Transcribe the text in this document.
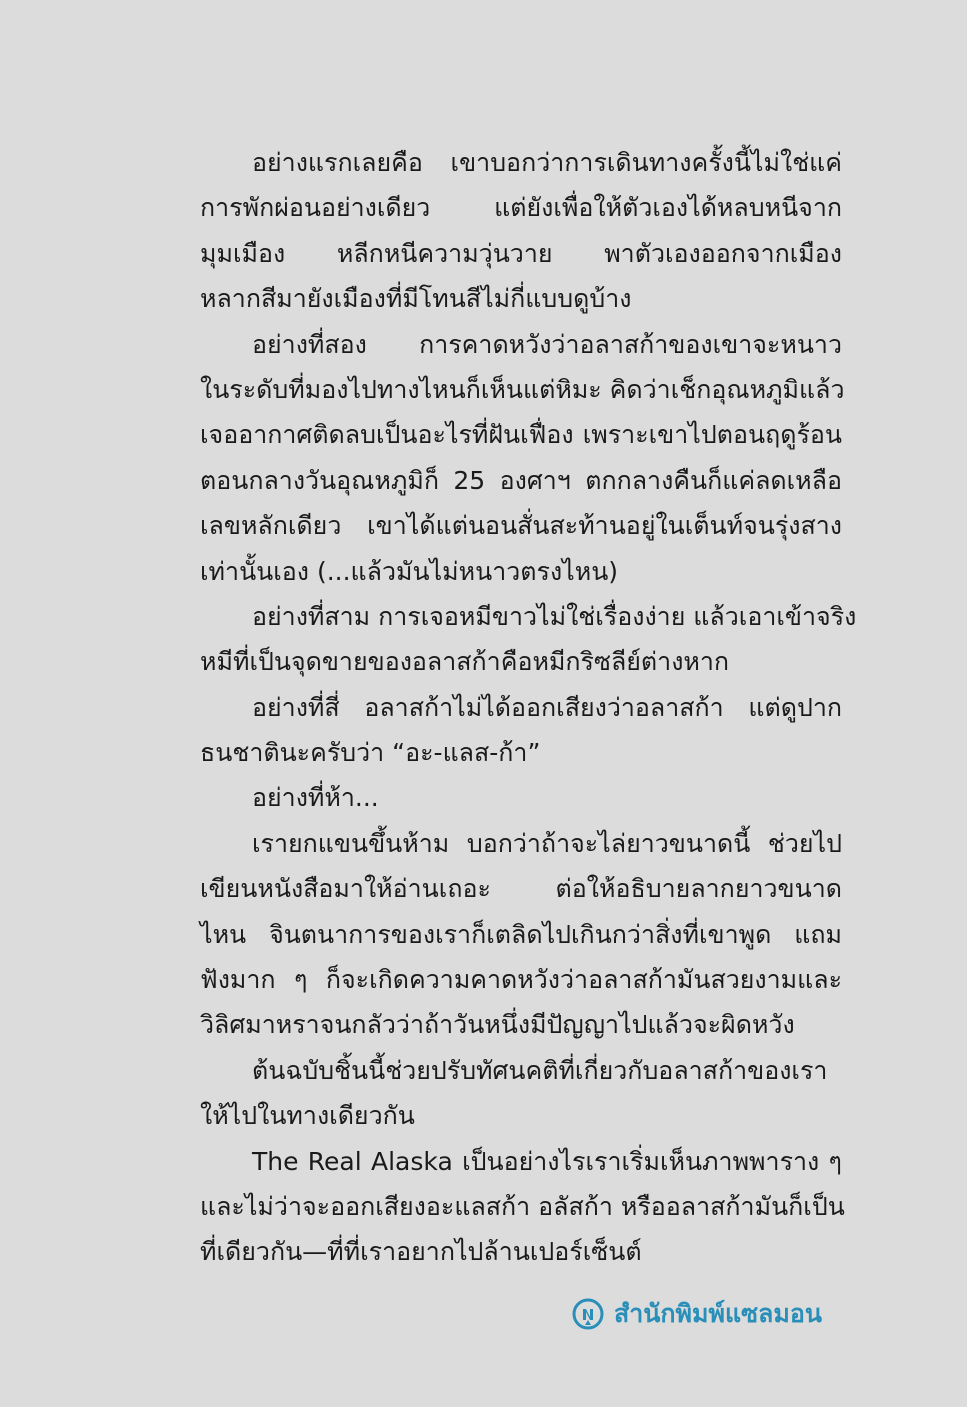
อย่างแรกเลยคือ เขาบอกว่าการเดินทางครั้งนี้ไม่ใช่แค่
การพักผ่อนอย่างเดียว แต่ยังเพื่อให้ตัวเองได้หลบหนีจาก
มุมเมือง หลีกหนีความวุ่นวาย พาตัวเองออกจากเมือง
หลากสีมายังเมืองที่มีโทนสีไม่กี่แบบดูบ้าง
อย่างที่สอง การคาดหวังว่าอลาสก้าของเขาจะหนาว
ในระดับที่มองไปทางไหนก็เห็นแต่หิมะ คิดว่าเช็กอุณหภูมิแล้ว
เจออากาศติดลบเป็นอะไรที่ฝันเฟื่อง เพราะเขาไปตอนฤดูร้อน
ตอนกลางวันอุณหภูมิก็ 25 องศาฯ ตกกลางคืนก็แค่ลดเหลือ
เลขหลักเดียว เขาได้แต่นอนสั่นสะท้านอยู่ในเต็นท์จนรุ่งสาง
เท่านั้นเอง (...แล้วมันไม่หนาวตรงไหน)
อย่างที่สาม การเจอหมีขาวไม่ใช่เรื่องง่าย แล้วเอาเข้าจริง
หมีที่เป็นจุดขายของอลาสก้าคือหมีกริซลีย์ต่างหาก
อย่างที่สี่ อลาสก้าไม่ได้ออกเสียงว่าอลาสก้า แต่ดูปาก
ธนชาตินะครับว่า “อะ-แลส-ก้า”
อย่างที่ห้า...
เรายกแขนขึ้นห้าม บอกว่าถ้าจะไล่ยาวขนาดนี้ ช่วยไป
เขียนหนังสือมาให้อ่านเถอะ ต่อให้อธิบายลากยาวขนาด
ไหน จินตนาการของเราก็เตลิดไปเกินกว่าสิ่งที่เขาพูด แถม
ฟังมาก ๆ ก็จะเกิดความคาดหวังว่าอลาสก้ามันสวยงามและ
วิลิศมาหราจนกลัวว่าถ้าวันหนึ่งมีปัญญาไปแล้วจะผิดหวัง
ต้นฉบับชิ้นนี้ช่วยปรับทัศนคติที่เกี่ยวกับอลาสก้าของเรา
ให้ไปในทางเดียวกัน
The Real Alaska เป็นอย่างไรเราเริ่มเห็นภาพพาราง ๆ
และไม่ว่าจะออกเสียงอะแลสก้า อลัสก้า หรืออลาสก้ามันก็เป็น
ที่เดียวกัน—ที่ที่เราอยากไปล้านเปอร์เซ็นต์
สำนักพิมพ์แซลมอน
